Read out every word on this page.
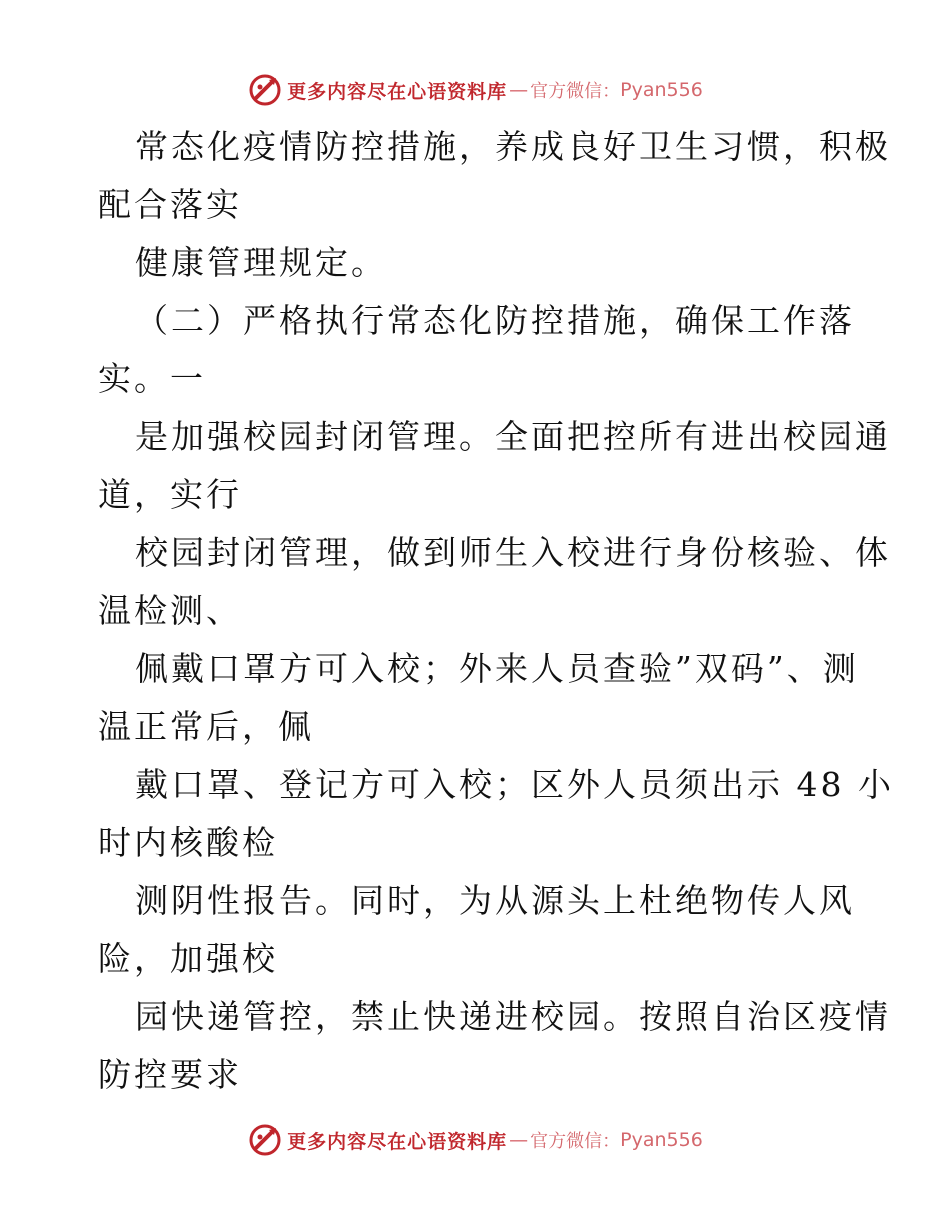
更多内容尽在心语资料库 — 官方微信： Pyan556
常态化疫情防控措施，养成良好卫生习惯，积极
配合落实
健康管理规定。
（二）严格执行常态化防控措施，确保工作落
实。一
是加强校园封闭管理。全面把控所有进出校园通
道，实行
校园封闭管理，做到师生入校进行身份核验、体
温检测、
佩戴口罩方可入校；外来人员查验”双码”、测
温正常后，佩
戴口罩、登记方可入校；区外人员须出示 48 小
时内核酸检
测阴性报告。同时，为从源头上杜绝物传人风
险，加强校
园快递管控，禁止快递进校园。按照自治区疫情
防控要求
更多内容尽在心语资料库 — 官方微信： Pyan556
